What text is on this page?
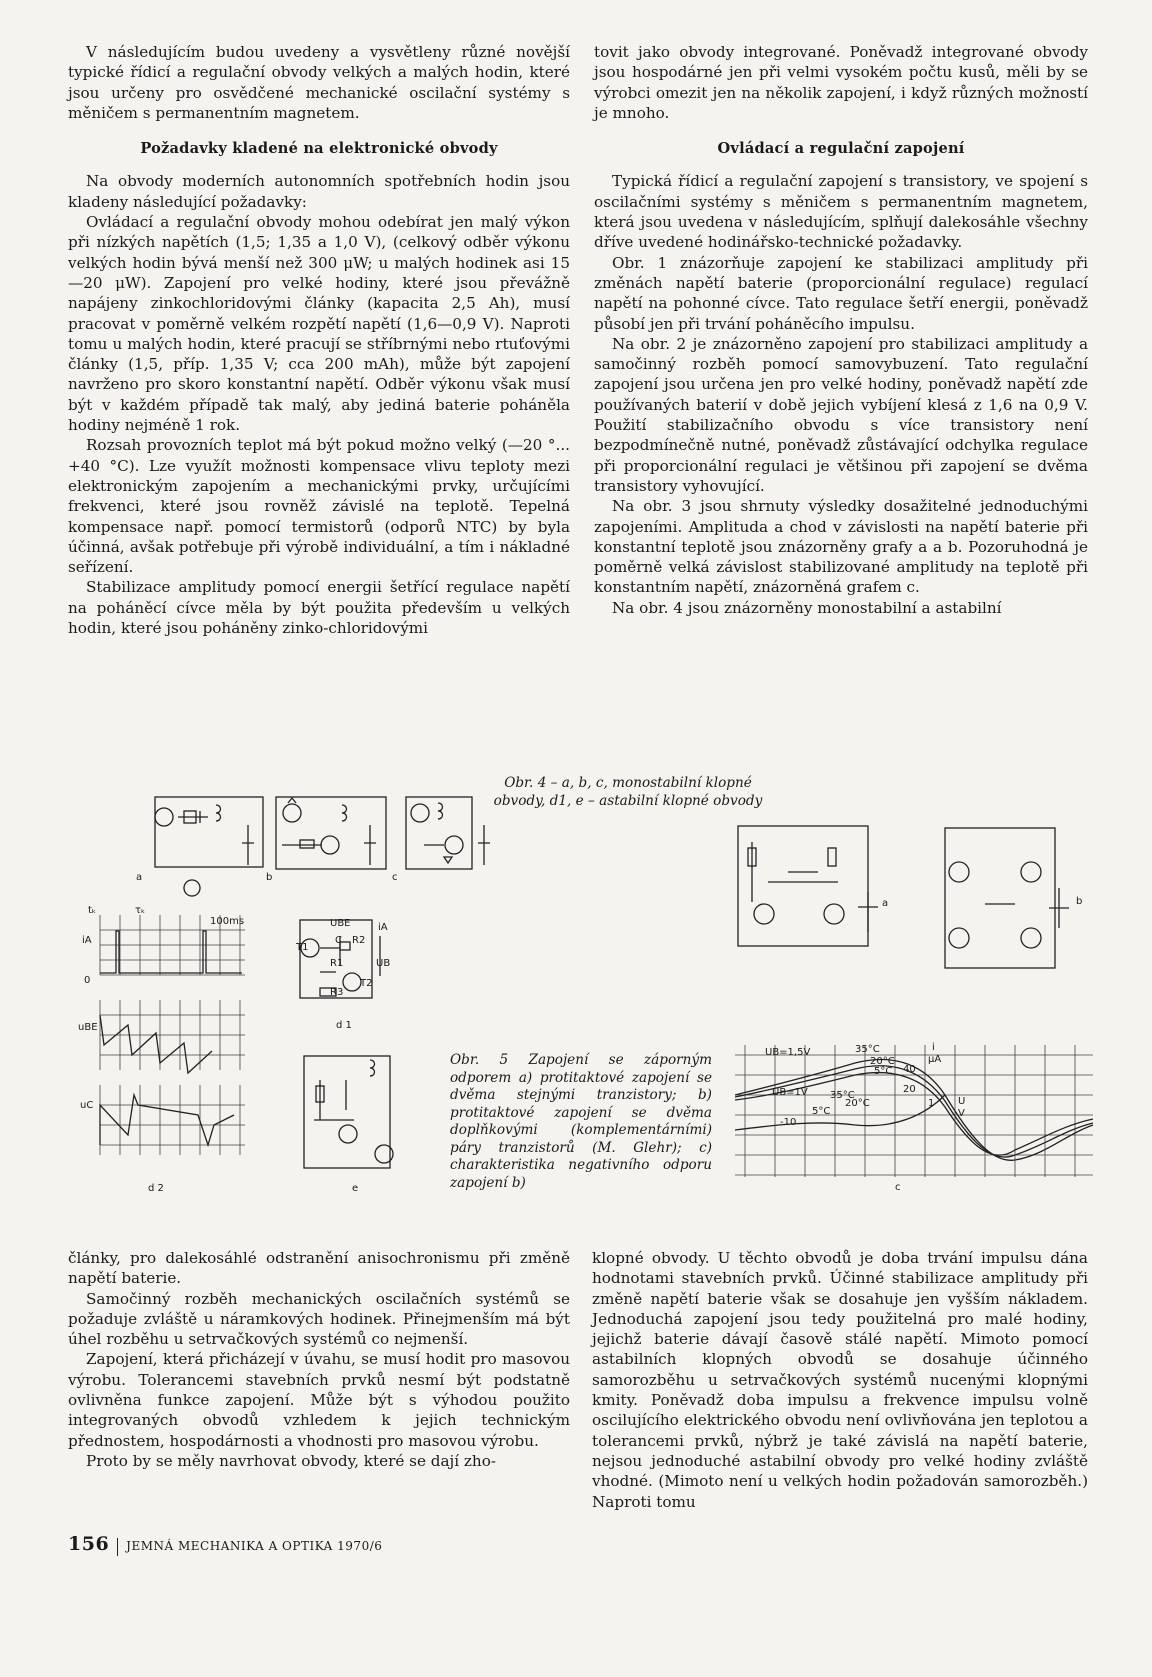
V následujícím budou uvedeny a vysvětleny různé novější typické řídicí a regulační obvody velkých a malých hodin, které jsou určeny pro osvědčené mechanické oscilační systémy s měničem s permanentním magnetem.

Požadavky kladené na elektronické obvody

Na obvody moderních autonomních spotřebních hodin jsou kladeny následující požadavky:

Ovládací a regulační obvody mohou odebírat jen malý výkon při nízkých napětích (1,5; 1,35 a 1,0 V), (celkový odběr výkonu velkých hodin bývá menší než 300 μW; u malých hodinek asi 15—20 μW). Zapojení pro velké hodiny, které jsou převážně napájeny zinkochloridovými články (kapacita 2,5 Ah), musí pracovat v poměrně velkém rozpětí napětí (1,6—0,9 V). Naproti tomu u malých hodin, které pracují se stříbrnými nebo rtuťovými články (1,5, příp. 1,35 V; cca 200 mAh), může být zapojení navrženo pro skoro konstantní napětí. Odběr výkonu však musí být v každém případě tak malý, aby jediná baterie poháněla hodiny nejméně 1 rok.

Rozsah provozních teplot má být pokud možno velký (—20 °... +40 °C). Lze využít možnosti kompensace vlivu teploty mezi elektronickým zapojením a mechanickými prvky, určujícími frekvenci, které jsou rovněž závislé na teplotě. Tepelná kompensace např. pomocí termistorů (odporů NTC) by byla účinná, avšak potřebuje při výrobě individuální, a tím i nákladné seřízení.

Stabilizace amplitudy pomocí energii šetřící regulace napětí na poháněcí cívce měla by být použita především u velkých hodin, které jsou poháněny zinko-chloridovými

tovit jako obvody integrované. Poněvadž integrované obvody jsou hospodárné jen při velmi vysokém počtu kusů, měli by se výrobci omezit jen na několik zapojení, i když různých možností je mnoho.

Ovládací a regulační zapojení

Typická řídicí a regulační zapojení s transistory, ve spojení s oscilačními systémy s měničem s permanentním magnetem, která jsou uvedena v následujícím, splňují dalekosáhle všechny dříve uvedené hodinářsko-technické požadavky.

Obr. 1 znázorňuje zapojení ke stabilizaci amplitudy při změnách napětí baterie (proporcionální regulace) regulací napětí na pohonné cívce. Tato regulace šetří energii, poněvadž působí jen při trvání poháněcího impulsu.

Na obr. 2 je znázorněno zapojení pro stabilizaci amplitudy a samočinný rozběh pomocí samovybuzení. Tato regulační zapojení jsou určena jen pro velké hodiny, poněvadž napětí zde používaných baterií v době jejich vybíjení klesá z 1,6 na 0,9 V. Použití stabilizačního obvodu s více transistory není bezpodmínečně nutné, poněvadž zůstávající odchylka regulace při proporcionální regulaci je většinou při zapojení se dvěma transistory vyhovující.

Na obr. 3 jsou shrnuty výsledky dosažitelné jednoduchými zapojeními. Amplituda a chod v závislosti na napětí baterie při konstantní teplotě jsou znázorněny grafy a a b. Pozoruhodná je poměrně velká závislost stabilizované amplitudy na teplotě při konstantním napětí, znázorněná grafem c.

Na obr. 4 jsou znázorněny monostabilní a astabilní

Obr. 4 – a, b, c, monostabilní klopné obvody, d1, e – astabilní klopné obvody
a	b	c
tₖ	τₖ
100ms
iA
uBE
uC
0
d 2
UBE
C R2
T1
R1	UB
T2
R3
iA
d 1
e
Obr. 5 Zapojení se záporným odporem a) protitaktové zapojení se dvěma stejnými tranzistory; b) protitaktové zapojení se dvěma doplňkovými (komplementárními) páry tranzistorů (M. Glehr); c) charakteristika negativního odporu zapojení b)
a	b
UB=1,5V	35°C
20°C
5°C
i
μA
40
20
UB=1V 35°C
20°C
5°C
-10
1 U
V
c

články, pro dalekosáhlé odstranění anisochronismu při změně napětí baterie.

Samočinný rozběh mechanických oscilačních systémů se požaduje zvláště u náramkových hodinek. Přinejmenším má být úhel rozběhu u setrvačkových systémů co nejmenší.

Zapojení, která přicházejí v úvahu, se musí hodit pro masovou výrobu. Tolerancemi stavebních prvků nesmí být podstatně ovlivněna funkce zapojení. Může být s výhodou použito integrovaných obvodů vzhledem k jejich technickým přednostem, hospodárnosti a vhodnosti pro masovou výrobu.

Proto by se měly navrhovat obvody, které se dají zho-

klopné obvody. U těchto obvodů je doba trvání impulsu dána hodnotami stavebních prvků. Účinné stabilizace amplitudy při změně napětí baterie však se dosahuje jen vyšším nákladem. Jednoduchá zapojení jsou tedy použitelná pro malé hodiny, jejichž baterie dávají časově stálé napětí. Mimoto pomocí astabilních klopných obvodů se dosahuje účinného samorozběhu u setrvačkových systémů nucenými klopnými kmity. Poněvadž doba impulsu a frekvence impulsu volně oscilujícího elektrického obvodu není ovlivňována jen teplotou a tolerancemi prvků, nýbrž je také závislá na napětí baterie, nejsou jednoduché astabilní obvody pro velké hodiny zvláště vhodné. (Mimoto není u velkých hodin požadován samorozběh.) Naproti tomu

156 JEMNÁ MECHANIKA A OPTIKA 1970/6
